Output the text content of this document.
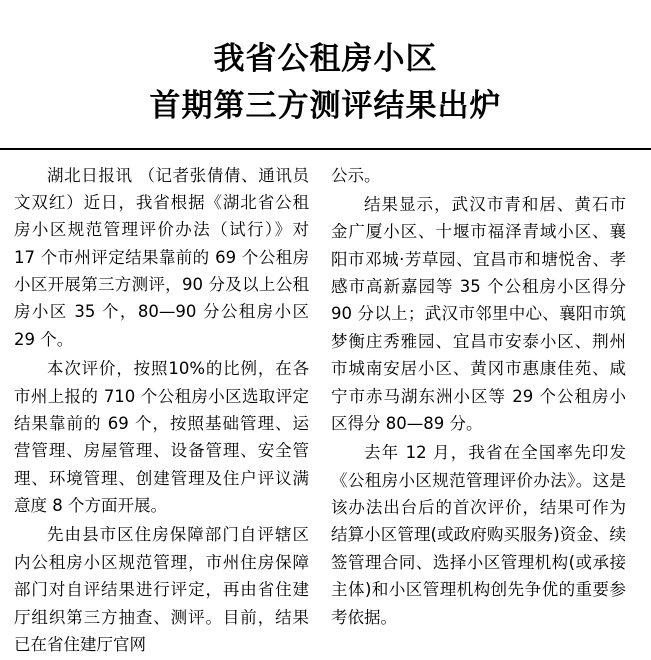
我省公租房小区
首期第三方测评结果出炉

湖北日报讯 （记者张倩倩、通讯员文双红）近日，我省根据《湖北省公租房小区规范管理评价办法（试行）》对 17 个市州评定结果靠前的 69 个公租房小区开展第三方测评，90 分及以上公租房小区 35 个，80—90 分公租房小区 29 个。

本次评价，按照10%的比例，在各市州上报的 710 个公租房小区选取评定结果靠前的 69 个，按照基础管理、运营管理、房屋管理、设备管理、安全管理、环境管理、创建管理及住户评议满意度 8 个方面开展。

先由县市区住房保障部门自评辖区内公租房小区规范管理，市州住房保障部门对自评结果进行评定，再由省住建厅组织第三方抽查、测评。目前，结果已在省住建厅官网

公示。

结果显示，武汉市青和居、黄石市金广厦小区、十堰市福泽青域小区、襄阳市邓城·芳草园、宜昌市和塘悦舍、孝感市高新嘉园等 35 个公租房小区得分 90 分以上；武汉市邻里中心、襄阳市筑梦衡庄秀雅园、宜昌市安泰小区、荆州市城南安居小区、黄冈市惠康佳苑、咸宁市赤马湖东洲小区等 29 个公租房小区得分 80—89 分。

去年 12 月，我省在全国率先印发《公租房小区规范管理评价办法》。这是该办法出台后的首次评价，结果可作为结算小区管理(或政府购买服务)资金、续签管理合同、选择小区管理机构(或承接主体)和小区管理机构创先争优的重要参考依据。
